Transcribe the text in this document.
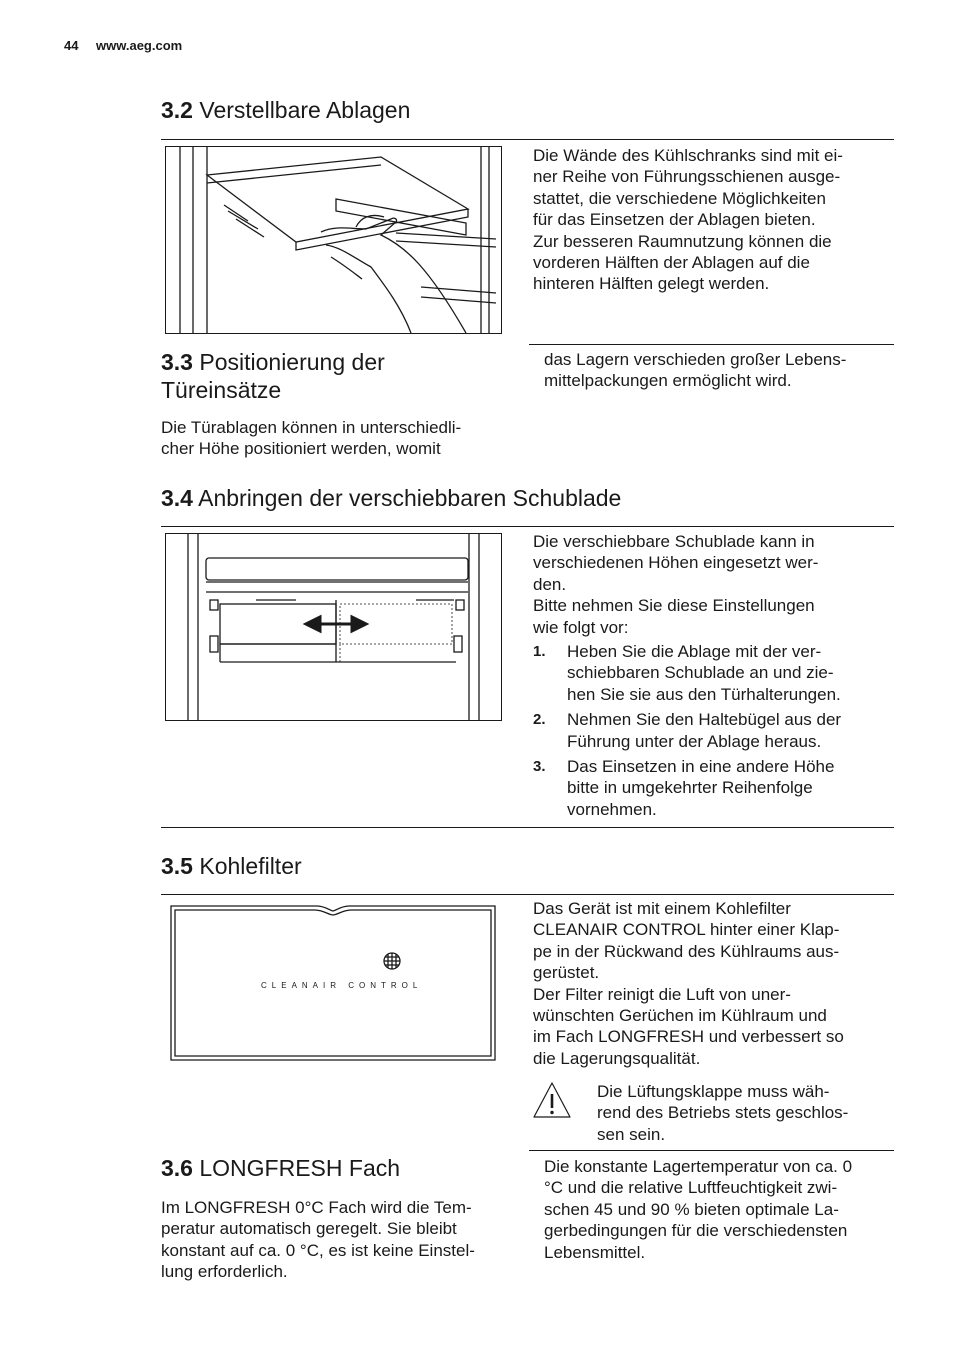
44 www.aeg.com
3.2 Verstellbare Ablagen

Die Wände des Kühlschranks sind mit ei-

ner Reihe von Führungsschienen ausge-

stattet, die verschiedene Möglichkeiten

für das Einsetzen der Ablagen bieten.

Zur besseren Raumnutzung können die

vorderen Hälften der Ablagen auf die

hinteren Hälften gelegt werden.

3.3 Positionierung der
Türeinsätze

Die Türablagen können in unterschiedli-

cher Höhe positioniert werden, womit

das Lagern verschieden großer Lebens-

mittelpackungen ermöglicht wird.

3.4 Anbringen der verschiebbaren Schublade

Die verschiebbare Schublade kann in

verschiedenen Höhen eingesetzt wer-

den.

Bitte nehmen Sie diese Einstellungen

wie folgt vor:

1. Heben Sie die Ablage mit der ver-
schiebbaren Schublade an und zie-
hen Sie sie aus den Türhalterungen.
2. Nehmen Sie den Haltebügel aus der
Führung unter der Ablage heraus.
3. Das Einsetzen in eine andere Höhe
bitte in umgekehrter Reihenfolge
vornehmen.
3.5 Kohlefilter
CLEANAIR CONTROL

Das Gerät ist mit einem Kohlefilter

CLEANAIR CONTROL hinter einer Klap-

pe in der Rückwand des Kühlraums aus-

gerüstet.

Der Filter reinigt die Luft von uner-

wünschten Gerüchen im Kühlraum und

im Fach LONGFRESH und verbessert so

die Lagerungsqualität.

Die Lüftungsklappe muss wäh-
rend des Betriebs stets geschlos-
sen sein.
3.6 LONGFRESH Fach

Im LONGFRESH 0°C Fach wird die Tem-

peratur automatisch geregelt. Sie bleibt

konstant auf ca. 0 °C, es ist keine Einstel-

lung erforderlich.

Die konstante Lagertemperatur von ca. 0

°C und die relative Luftfeuchtigkeit zwi-

schen 45 und 90 % bieten optimale La-

gerbedingungen für die verschiedensten

Lebensmittel.
